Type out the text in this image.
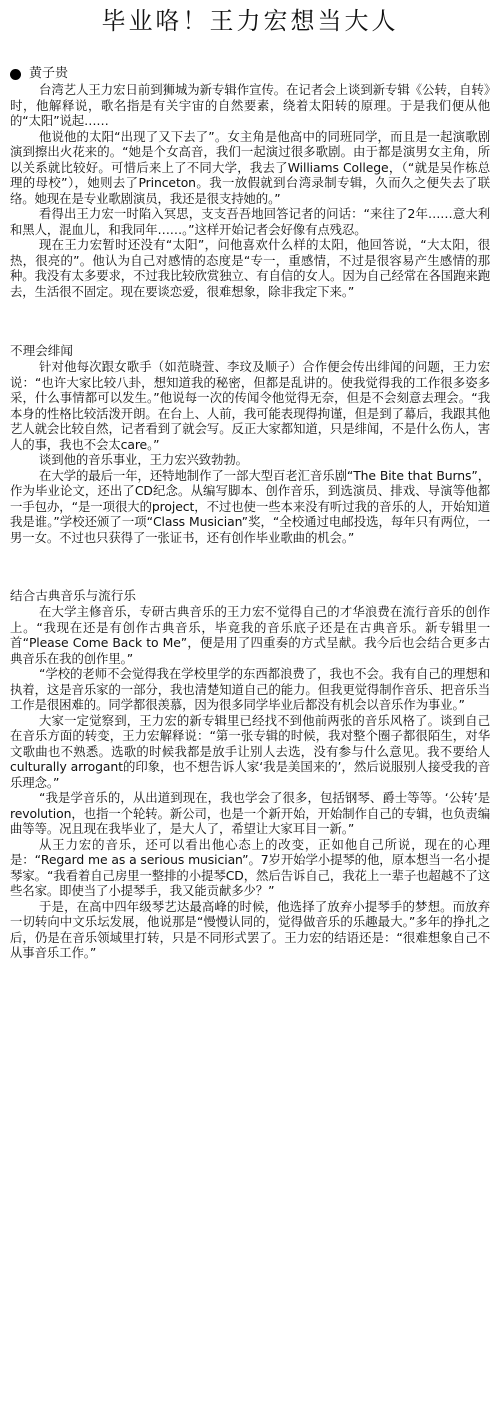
毕业咯！王力宏想当大人
黄子贵

台湾艺人王力宏日前到狮城为新专辑作宣传。在记者会上谈到新专辑《公转，自转》时，他解释说，歌名指是有关宇宙的自然要素，绕着太阳转的原理。于是我们便从他的“太阳”说起……

他说他的太阳“出现了又下去了”。女主角是他高中的同班同学，而且是一起演歌剧演到擦出火花来的。“她是个女高音，我们一起演过很多歌剧。由于都是演男女主角，所以关系就比较好。可惜后来上了不同大学，我去了Williams College，（“就是吴作栋总理的母校”），她则去了Princeton。我一放假就到台湾录制专辑，久而久之便失去了联络。她现在是专业歌剧演员，我还是很支持她的。”

看得出王力宏一时陷入冥思，支支吾吾地回答记者的问话：“来往了2年……意大利和黑人，混血儿，和我同年……。”这样开始记者会好像有点残忍。

现在王力宏暂时还没有“太阳”，问他喜欢什么样的太阳，他回答说，“大太阳，很热，很亮的”。他认为自己对感情的态度是“专一，重感情，不过是很容易产生感情的那种。我没有太多要求，不过我比较欣赏独立、有自信的女人。因为自己经常在各国跑来跑去，生活很不固定。现在要谈恋爱，很难想象，除非我定下来。”

不理会绯闻

针对他每次跟女歌手（如范晓萱、李玟及顺子）合作便会传出绯闻的问题，王力宏说：“也许大家比较八卦，想知道我的秘密，但都是乱讲的。使我觉得我的工作很多姿多采，什么事情都可以发生。”他说每一次的传闻令他觉得无奈，但是不会刻意去理会。“我本身的性格比较活泼开朗。在台上、人前，我可能表现得拘谨，但是到了幕后，我跟其他艺人就会比较自然，记者看到了就会写。反正大家都知道，只是绯闻，不是什么伤人，害人的事，我也不会太care。”

谈到他的音乐事业，王力宏兴致勃勃。

在大学的最后一年，还特地制作了一部大型百老汇音乐剧“The Bite that Burns”，作为毕业论文，还出了CD纪念。从编写脚本、创作音乐，到选演员、排戏、导演等他都一手包办，“是一项很大的project，不过也使一些本来没有听过我的音乐的人，开始知道我是谁。”学校还颁了一项“Class Musician”奖，“全校通过电邮投选，每年只有两位，一男一女。不过也只获得了一张证书，还有创作毕业歌曲的机会。”

结合古典音乐与流行乐

在大学主修音乐，专研古典音乐的王力宏不觉得自己的才华浪费在流行音乐的创作上。“我现在还是有创作古典音乐，毕竟我的音乐底子还是在古典音乐。新专辑里一首“Please Come Back to Me”，便是用了四重奏的方式呈献。我今后也会结合更多古典音乐在我的创作里。”

“学校的老师不会觉得我在学校里学的东西都浪费了，我也不会。我有自己的理想和执着，这是音乐家的一部分，我也清楚知道自己的能力。但我更觉得制作音乐、把音乐当工作是很困难的。同学都很羡慕，因为很多同学毕业后都没有机会以音乐作为事业。”

大家一定觉察到，王力宏的新专辑里已经找不到他前两张的音乐风格了。谈到自己在音乐方面的转变，王力宏解释说：“第一张专辑的时候，我对整个圈子都很陌生，对华文歌曲也不熟悉。选歌的时候我都是放手让别人去选，没有参与什么意见。我不要给人culturally arrogant的印象，也不想告诉人家‘我是美国来的’，然后说服别人接受我的音乐理念。”

“我是学音乐的，从出道到现在，我也学会了很多，包括钢琴、爵士等等。‘公转’是revolution，也指一个轮转。新公司，也是一个新开始，开始制作自己的专辑，也负责编曲等等。况且现在我毕业了，是大人了，希望让大家耳目一新。”

从王力宏的音乐，还可以看出他心态上的改变，正如他自己所说，现在的心理是：“Regard me as a serious musician”。7岁开始学小提琴的他，原本想当一名小提琴家。“我看着自己房里一整排的小提琴CD，然后告诉自己，我花上一辈子也超越不了这些名家。即使当了小提琴手，我又能贡献多少？”

于是，在高中四年级琴艺达最高峰的时候，他选择了放弃小提琴手的梦想。而放弃一切转向中文乐坛发展，他说那是“慢慢认同的，觉得做音乐的乐趣最大。”多年的挣扎之后，仍是在音乐领域里打转，只是不同形式罢了。王力宏的结语还是：“很难想象自己不从事音乐工作。”
